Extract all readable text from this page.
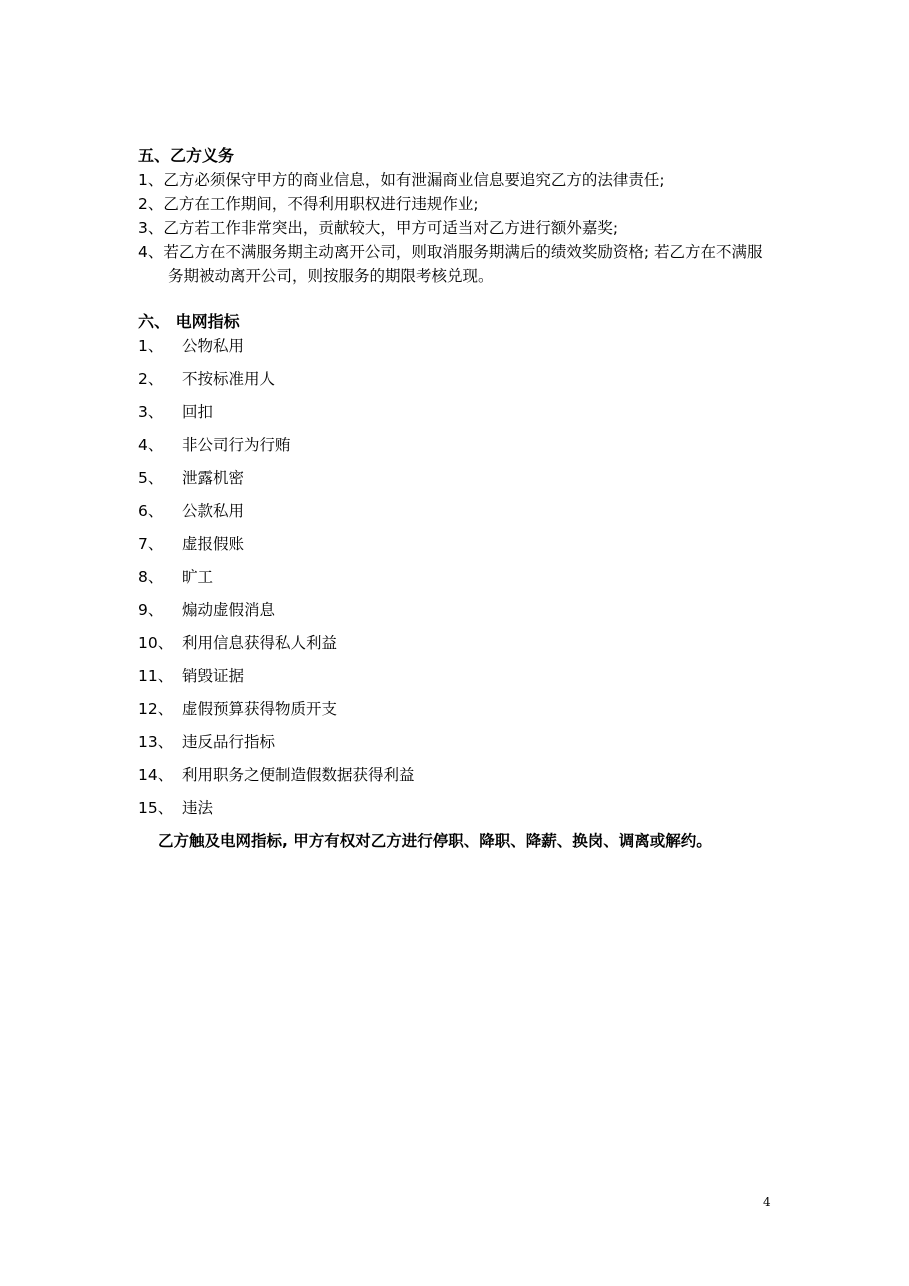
五、乙方义务
1、 乙方必须保守甲方的商业信息，如有泄漏商业信息要追究乙方的法律责任;
2、 乙方在工作期间，不得利用职权进行违规作业;
3、 乙方若工作非常突出，贡献较大，甲方可适当对乙方进行额外嘉奖;
4、若乙方在不满服务期主动离开公司，则取消服务期满后的绩效奖励资格; 若乙方在不满服务期被动离开公司，则按服务的期限考核兑现。
六、 电网指标
1、 公物私用
2、 不按标准用人
3、 回扣
4、 非公司行为行贿
5、 泄露机密
6、 公款私用
7、 虚报假账
8、 旷工
9、 煽动虚假消息
10、 利用信息获得私人利益
11、 销毁证据
12、 虚假预算获得物质开支
13、 违反品行指标
14、 利用职务之便制造假数据获得利益
15、 违法
乙方触及电网指标, 甲方有权对乙方进行停职、降职、降薪、换岗、调离或解约。
4
